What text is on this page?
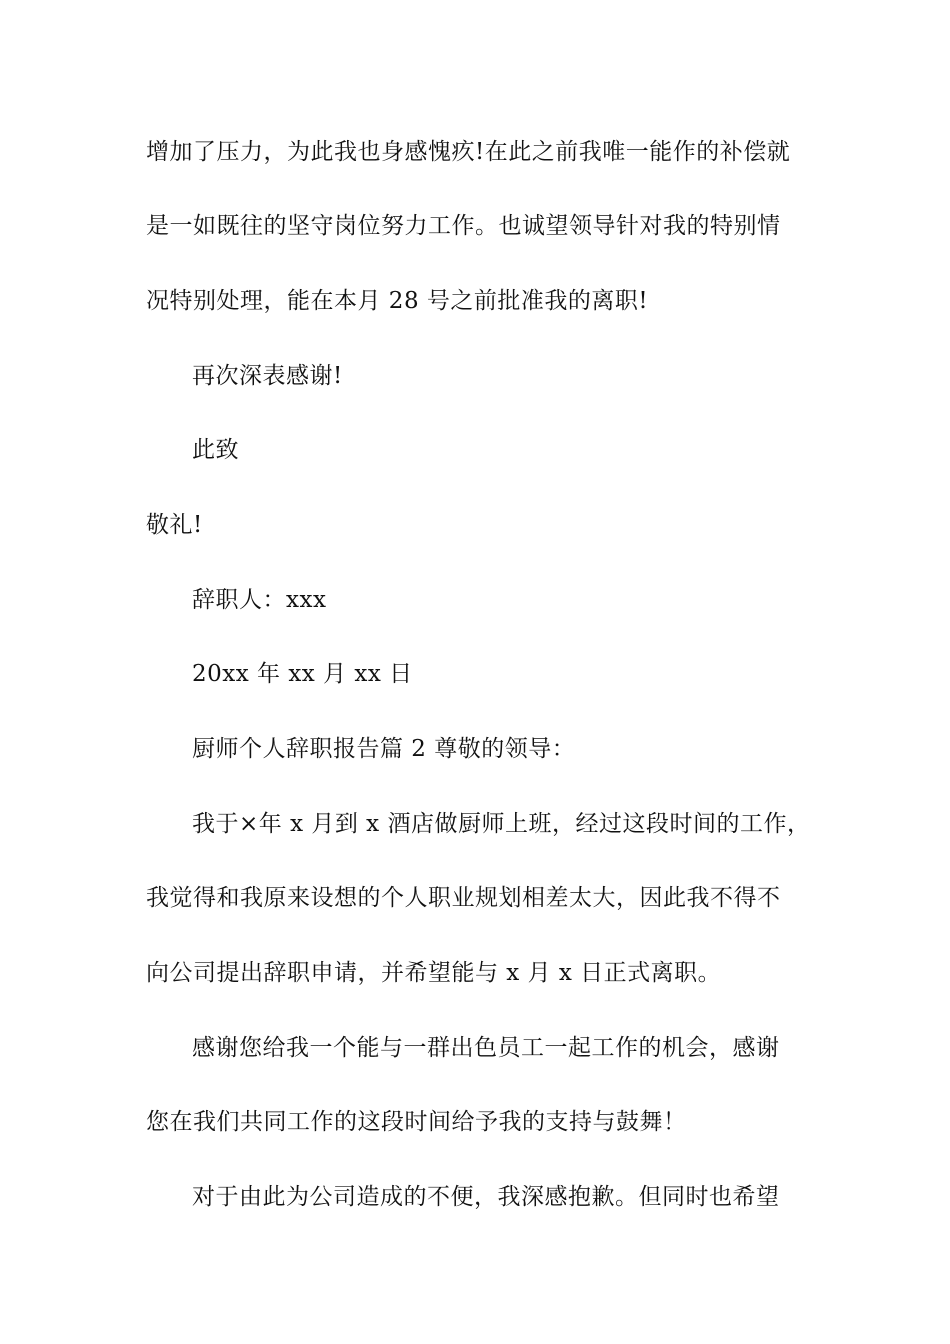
增加了压力，为此我也身感愧疚!在此之前我唯一能作的补偿就
是一如既往的坚守岗位努力工作。也诚望领导针对我的特别情
况特别处理，能在本月 28 号之前批准我的离职!
再次深表感谢!
此致
敬礼!
辞职人：xxx
20xx 年 xx 月 xx 日
厨师个人辞职报告篇 2 尊敬的领导：
我于×年 x 月到 x 酒店做厨师上班，经过这段时间的工作，
我觉得和我原来设想的个人职业规划相差太大，因此我不得不
向公司提出辞职申请，并希望能与 x 月 x 日正式离职。
感谢您给我一个能与一群出色员工一起工作的机会，感谢
您在我们共同工作的这段时间给予我的支持与鼓舞！
对于由此为公司造成的不便，我深感抱歉。但同时也希望
